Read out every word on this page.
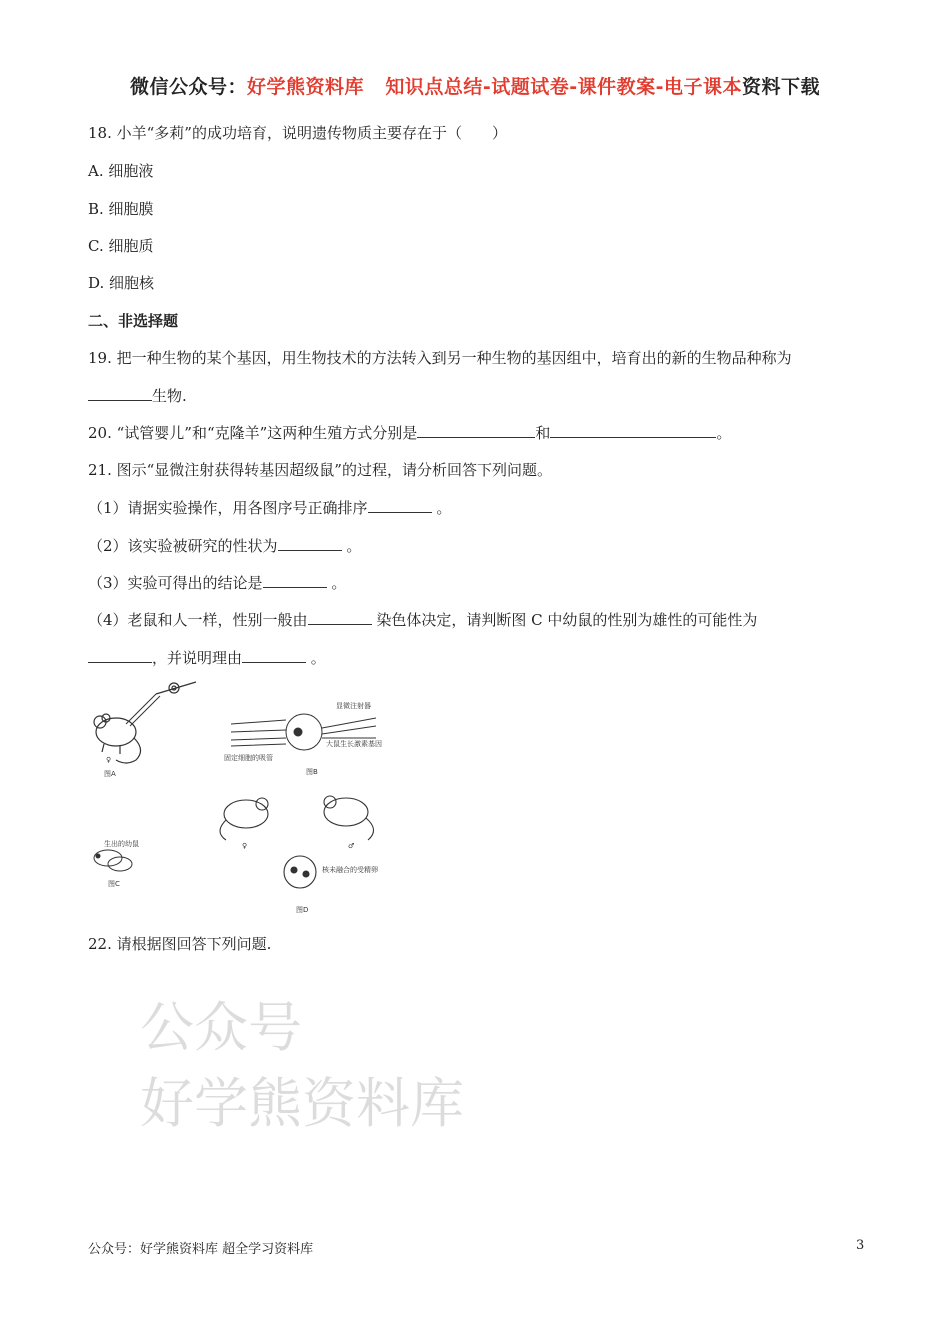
微信公众号：好学熊资料库 知识点总结-试题试卷-课件教案-电子课本资料下载
18. 小羊“多莉”的成功培育，说明遗传物质主要存在于（　　）
A. 细胞液
B. 细胞膜
C. 细胞质
D. 细胞核
二、非选择题
19. 把一种生物的某个基因，用生物技术的方法转入到另一种生物的基因组中，培育出的新的生物品种称为
生物.
20. “试管婴儿”和“克隆羊”这两种生殖方式分别是	和	。
21. 图示“显微注射获得转基因超级鼠”的过程，请分析回答下列问题。
（1）请据实验操作，用各图序号正确排序	。
（2）该实验被研究的性状为	。
（3）实验可得出的结论是	。
（4）老鼠和人一样，性别一般由	染色体决定，请判断图 C 中幼鼠的性别为雄性的可能性为
，并说明理由	。
♀
图A
显微注射器
大鼠生长激素基因
固定细胞的吸管
图B
♀	♂
核未融合的受精卵
图D
生出的幼鼠
图C
22. 请根据图回答下列问题.
公众号
好学熊资料库
公众号：好学熊资料库 超全学习资料库	3
